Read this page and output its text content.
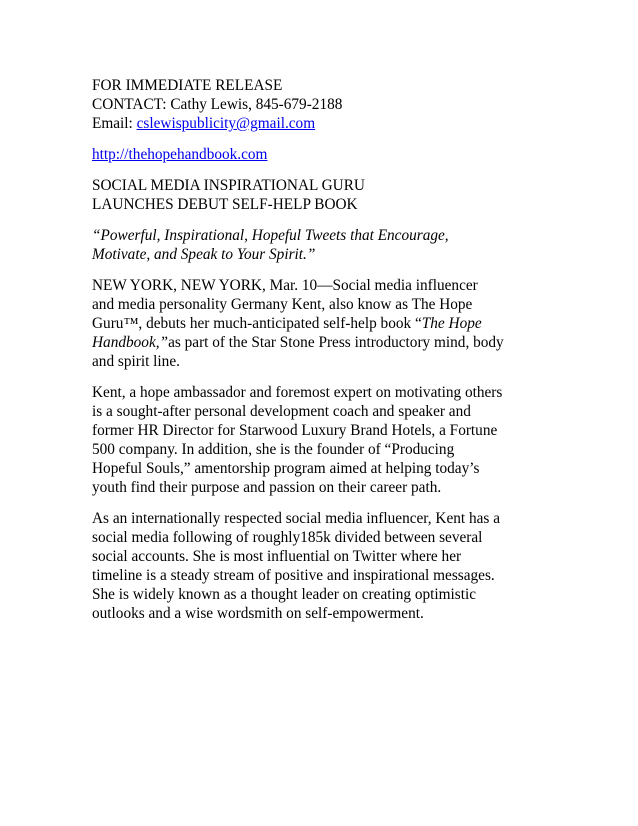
FOR IMMEDIATE RELEASE
CONTACT: Cathy Lewis, 845-679-2188
Email: cslewispublicity@gmail.com
http://thehopehandbook.com
SOCIAL MEDIA INSPIRATIONAL GURU
LAUNCHES DEBUT SELF-HELP BOOK
“Powerful, Inspirational, Hopeful Tweets that Encourage,
Motivate, and Speak to Your Spirit.”
NEW YORK, NEW YORK, Mar. 10—Social media influencer
and media personality Germany Kent, also know as The Hope
Guru™, debuts her much-anticipated self-help book “The Hope
Handbook,”as part of the Star Stone Press introductory mind, body
and spirit line.
Kent, a hope ambassador and foremost expert on motivating others
is a sought-after personal development coach and speaker and
former HR Director for Starwood Luxury Brand Hotels, a Fortune
500 company. In addition, she is the founder of “Producing
Hopeful Souls,” amentorship program aimed at helping today’s
youth find their purpose and passion on their career path.
As an internationally respected social media influencer, Kent has a
social media following of roughly185k divided between several
social accounts. She is most influential on Twitter where her
timeline is a steady stream of positive and inspirational messages.
She is widely known as a thought leader on creating optimistic
outlooks and a wise wordsmith on self-empowerment.
